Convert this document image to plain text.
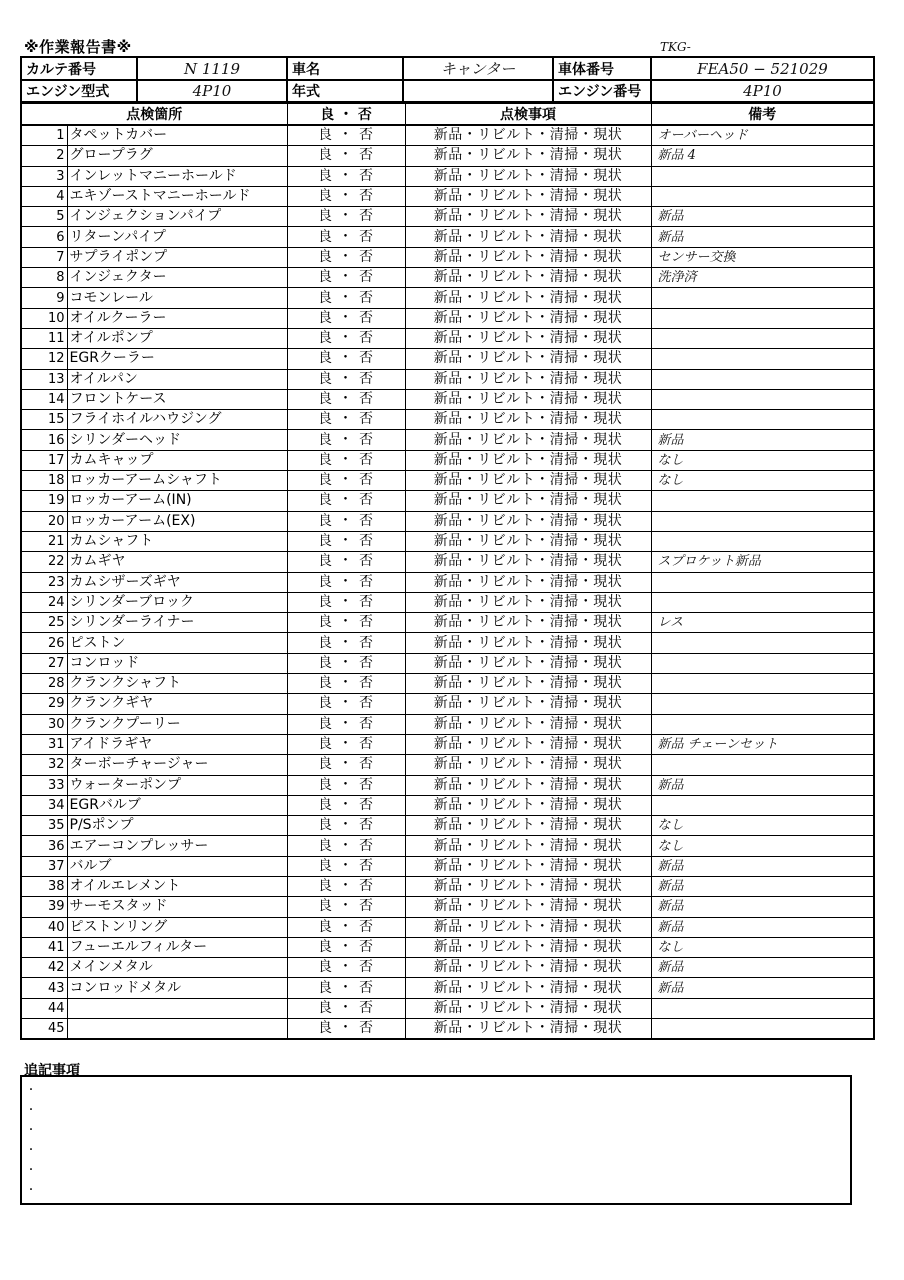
※作業報告書※	TKG-
カルテ番号	N 1119	車名	キャンター	車体番号	FEA50 − 521029
エンジン型式	4P10	年式		エンジン番号	4P10
点検箇所		良 ・ 否	点検事項	備考
1	タペットカバー	良 ・ 否	新品・リビルト・清掃・現状	オーバーヘッド
2	グロープラグ	良 ・ 否	新品・リビルト・清掃・現状	新品 4
3	インレットマニーホールド	良 ・ 否	新品・リビルト・清掃・現状	
4	エキゾーストマニーホールド	良 ・ 否	新品・リビルト・清掃・現状	
5	インジェクションパイプ	良 ・ 否	新品・リビルト・清掃・現状	新品
6	リターンパイプ	良 ・ 否	新品・リビルト・清掃・現状	新品
7	サプライポンプ	良 ・ 否	新品・リビルト・清掃・現状	センサー交換
8	インジェクター	良 ・ 否	新品・リビルト・清掃・現状	洗浄済
9	コモンレール	良 ・ 否	新品・リビルト・清掃・現状	
10	オイルクーラー	良 ・ 否	新品・リビルト・清掃・現状	
11	オイルポンプ	良 ・ 否	新品・リビルト・清掃・現状	
12	EGRクーラー	良 ・ 否	新品・リビルト・清掃・現状	
13	オイルパン	良 ・ 否	新品・リビルト・清掃・現状	
14	フロントケース	良 ・ 否	新品・リビルト・清掃・現状	
15	フライホイルハウジング	良 ・ 否	新品・リビルト・清掃・現状	
16	シリンダーヘッド	良 ・ 否	新品・リビルト・清掃・現状	新品
17	カムキャップ	良 ・ 否	新品・リビルト・清掃・現状	なし
18	ロッカーアームシャフト	良 ・ 否	新品・リビルト・清掃・現状	なし
19	ロッカーアーム(IN)	良 ・ 否	新品・リビルト・清掃・現状	
20	ロッカーアーム(EX)	良 ・ 否	新品・リビルト・清掃・現状	
21	カムシャフト	良 ・ 否	新品・リビルト・清掃・現状	
22	カムギヤ	良 ・ 否	新品・リビルト・清掃・現状	スプロケット新品
23	カムシザーズギヤ	良 ・ 否	新品・リビルト・清掃・現状	
24	シリンダーブロック	良 ・ 否	新品・リビルト・清掃・現状	
25	シリンダーライナー	良 ・ 否	新品・リビルト・清掃・現状	レス
26	ピストン	良 ・ 否	新品・リビルト・清掃・現状	
27	コンロッド	良 ・ 否	新品・リビルト・清掃・現状	
28	クランクシャフト	良 ・ 否	新品・リビルト・清掃・現状	
29	クランクギヤ	良 ・ 否	新品・リビルト・清掃・現状	
30	クランクプーリー	良 ・ 否	新品・リビルト・清掃・現状	
31	アイドラギヤ	良 ・ 否	新品・リビルト・清掃・現状	新品 チェーンセット
32	ターボーチャージャー	良 ・ 否	新品・リビルト・清掃・現状	
33	ウォーターポンプ	良 ・ 否	新品・リビルト・清掃・現状	新品
34	EGRバルブ	良 ・ 否	新品・リビルト・清掃・現状	
35	P/Sポンプ	良 ・ 否	新品・リビルト・清掃・現状	なし
36	エアーコンプレッサー	良 ・ 否	新品・リビルト・清掃・現状	なし
37	バルブ	良 ・ 否	新品・リビルト・清掃・現状	新品
38	オイルエレメント	良 ・ 否	新品・リビルト・清掃・現状	新品
39	サーモスタッド	良 ・ 否	新品・リビルト・清掃・現状	新品
40	ピストンリング	良 ・ 否	新品・リビルト・清掃・現状	新品
41	フューエルフィルター	良 ・ 否	新品・リビルト・清掃・現状	なし
42	メインメタル	良 ・ 否	新品・リビルト・清掃・現状	新品
43	コンロッドメタル	良 ・ 否	新品・リビルト・清掃・現状	新品
44		良 ・ 否	新品・リビルト・清掃・現状	
45		良 ・ 否	新品・リビルト・清掃・現状	
追記事項
・
・
・
・
・
・
